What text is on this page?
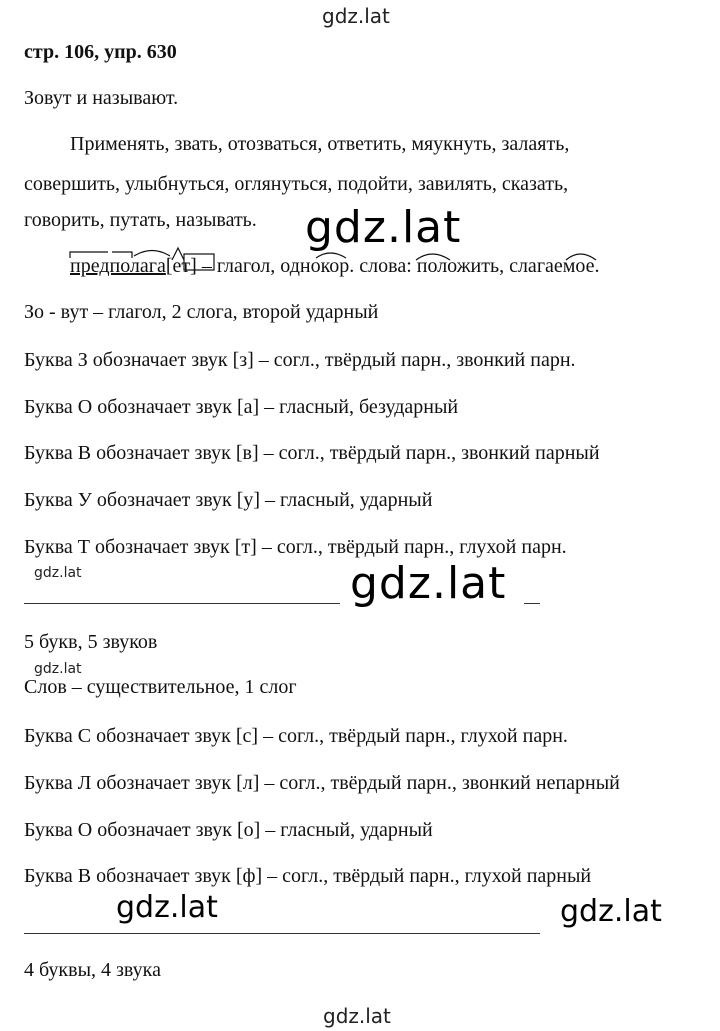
gdz.lat
стр. 106, упр. 630
Зовут и называют.
Применять, звать, отозваться, ответить, мяукнуть, залаять,
совершить, улыбнуться, оглянуться, подойти, завилять, сказать,
говорить, путать, называть. gdz.lat
предполага[ет] – глагол, однокор. слова: положить, слагаемое.
Зо - вут – глагол, 2 слога, второй ударный
Буква З обозначает звук [з] – согл., твёрдый парн., звонкий парн.
Буква О обозначает звук [а] – гласный, безударный
Буква В обозначает звук [в] – согл., твёрдый парн., звонкий парный
Буква У обозначает звук [у] – гласный, ударный
Буква Т обозначает звук [т] – согл., твёрдый парн., глухой парн.
gdz.lat	gdz.lat
5 букв, 5 звуков
gdz.lat
Слов – существительное, 1 слог
Буква С обозначает звук [с] – согл., твёрдый парн., глухой парн.
Буква Л обозначает звук [л] – согл., твёрдый парн., звонкий непарный
Буква О обозначает звук [о] – гласный, ударный
Буква В обозначает звук [ф] – согл., твёрдый парн., глухой парный
gdz.lat	gdz.lat
4 буквы, 4 звука
gdz.lat
